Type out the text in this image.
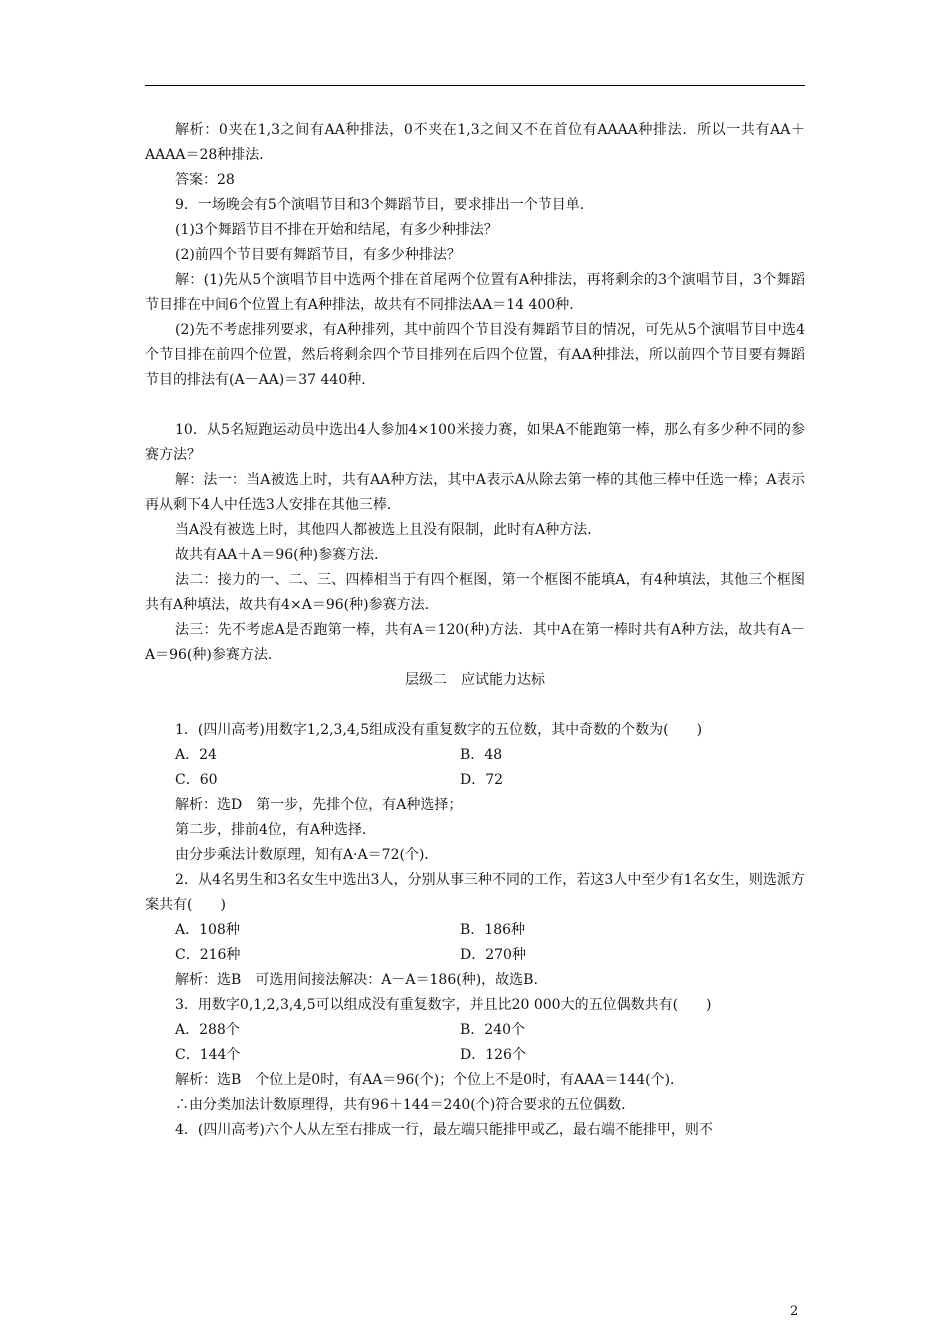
解析：0夹在1,3之间有AA种排法，0不夹在1,3之间又不在首位有AAAA种排法．所以一共有AA＋AAAA＝28种排法．

答案：28

9．一场晚会有5个演唱节目和3个舞蹈节目，要求排出一个节目单．

(1)3个舞蹈节目不排在开始和结尾，有多少种排法？

(2)前四个节目要有舞蹈节目，有多少种排法？

解：(1)先从5个演唱节目中选两个排在首尾两个位置有A种排法，再将剩余的3个演唱节目，3个舞蹈节目排在中间6个位置上有A种排法，故共有不同排法AA＝14 400种．

(2)先不考虑排列要求，有A种排列，其中前四个节目没有舞蹈节目的情况，可先从5个演唱节目中选4个节目排在前四个位置，然后将剩余四个节目排列在后四个位置，有AA种排法，所以前四个节目要有舞蹈节目的排法有(A－AA)＝37 440种．

10．从5名短跑运动员中选出4人参加4×100米接力赛，如果A不能跑第一棒，那么有多少种不同的参赛方法？

解：法一：当A被选上时，共有AA种方法，其中A表示A从除去第一棒的其他三棒中任选一棒；A表示再从剩下4人中任选3人安排在其他三棒．

当A没有被选上时，其他四人都被选上且没有限制，此时有A种方法．

故共有AA＋A＝96(种)参赛方法．

法二：接力的一、二、三、四棒相当于有四个框图，第一个框图不能填A，有4种填法，其他三个框图共有A种填法，故共有4×A＝96(种)参赛方法．

法三：先不考虑A是否跑第一棒，共有A＝120(种)方法．其中A在第一棒时共有A种方法，故共有A－A＝96(种)参赛方法．

层级二　应试能力达标

1．(四川高考)用数字1,2,3,4,5组成没有重复数字的五位数，其中奇数的个数为(　　)

A．24	B．48
C．60	D．72

解析：选D　第一步，先排个位，有A种选择；

第二步，排前4位，有A种选择．

由分步乘法计数原理，知有A·A＝72(个)．

2．从4名男生和3名女生中选出3人，分别从事三种不同的工作，若这3人中至少有1名女生，则选派方案共有(　　)

A．108种	B．186种
C．216种	D．270种

解析：选B　可选用间接法解决：A－A＝186(种)，故选B.

3．用数字0,1,2,3,4,5可以组成没有重复数字，并且比20 000大的五位偶数共有(　　)

A．288个	B．240个
C．144个	D．126个

解析：选B　个位上是0时，有AA＝96(个)；个位上不是0时，有AAA＝144(个)．

∴由分类加法计数原理得，共有96＋144＝240(个)符合要求的五位偶数．

4．(四川高考)六个人从左至右排成一行，最左端只能排甲或乙，最右端不能排甲，则不

2
